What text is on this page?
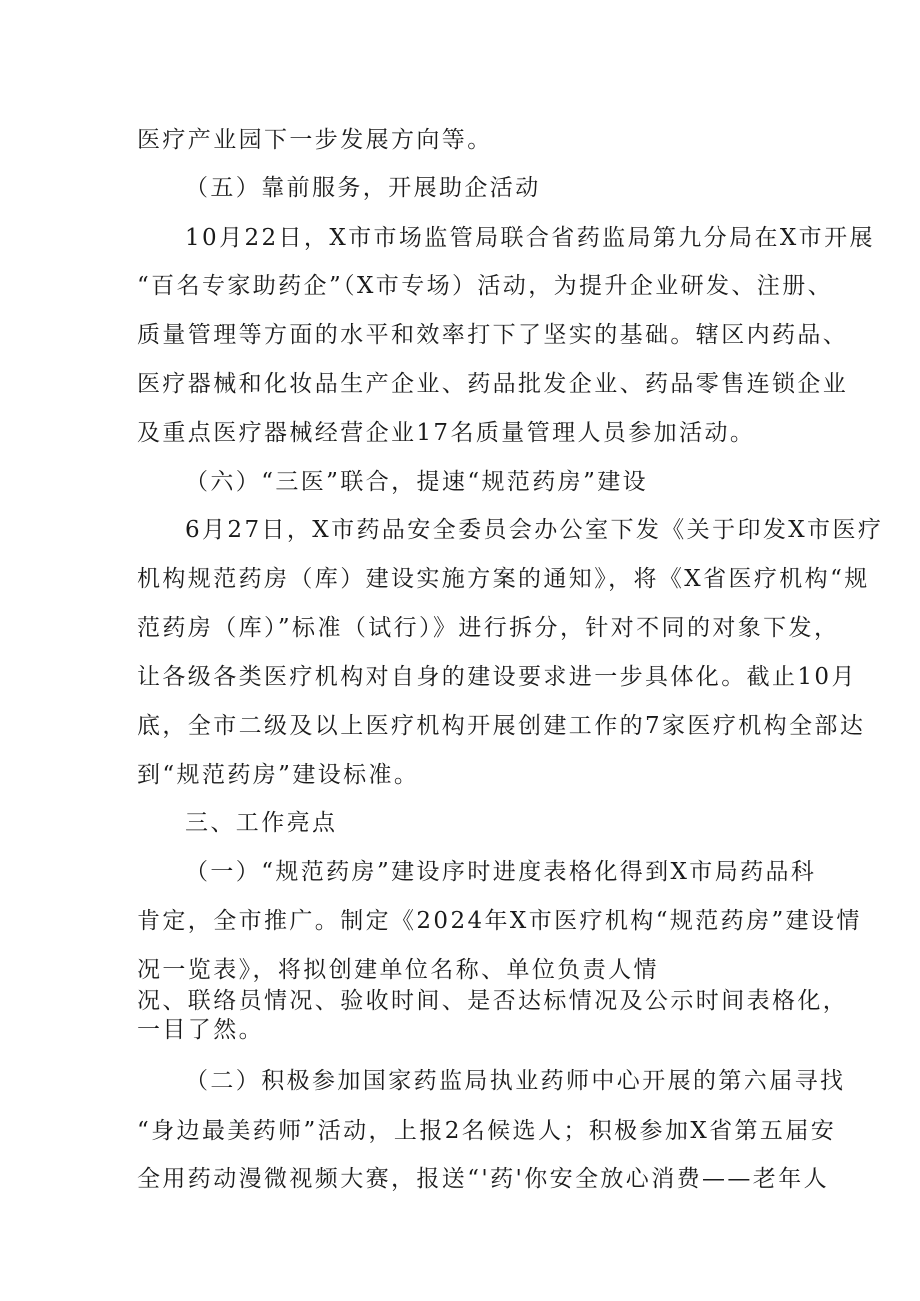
医疗产业园下一步发展方向等。
（五）靠前服务，开展助企活动
10月22日，X市市场监管局联合省药监局第九分局在X市开展
“百名专家助药企”（X市专场）活动，为提升企业研发、注册、
质量管理等方面的水平和效率打下了坚实的基础。辖区内药品、
医疗器械和化妆品生产企业、药品批发企业、药品零售连锁企业
及重点医疗器械经营企业17名质量管理人员参加活动。
（六）“三医”联合，提速“规范药房”建设
6月27日，X市药品安全委员会办公室下发《关于印发X市医疗
机构规范药房（库）建设实施方案的通知》，将《X省医疗机构“规
范药房（库）”标准（试行）》进行拆分，针对不同的对象下发，
让各级各类医疗机构对自身的建设要求进一步具体化。截止10月
底，全市二级及以上医疗机构开展创建工作的7家医疗机构全部达
到“规范药房”建设标准。
三、工作亮点
（一）“规范药房”建设序时进度表格化得到X市局药品科
肯定，全市推广。制定《2024年X市医疗机构“规范药房”建设情
况一览表》，将拟创建单位名称、单位负责人情
况、联络员情况、验收时间、是否达标情况及公示时间表格化，
一目了然。
（二）积极参加国家药监局执业药师中心开展的第六届寻找
“身边最美药师”活动，上报2名候选人；积极参加X省第五届安
全用药动漫微视频大赛，报送“'药'你安全放心消费——老年人
